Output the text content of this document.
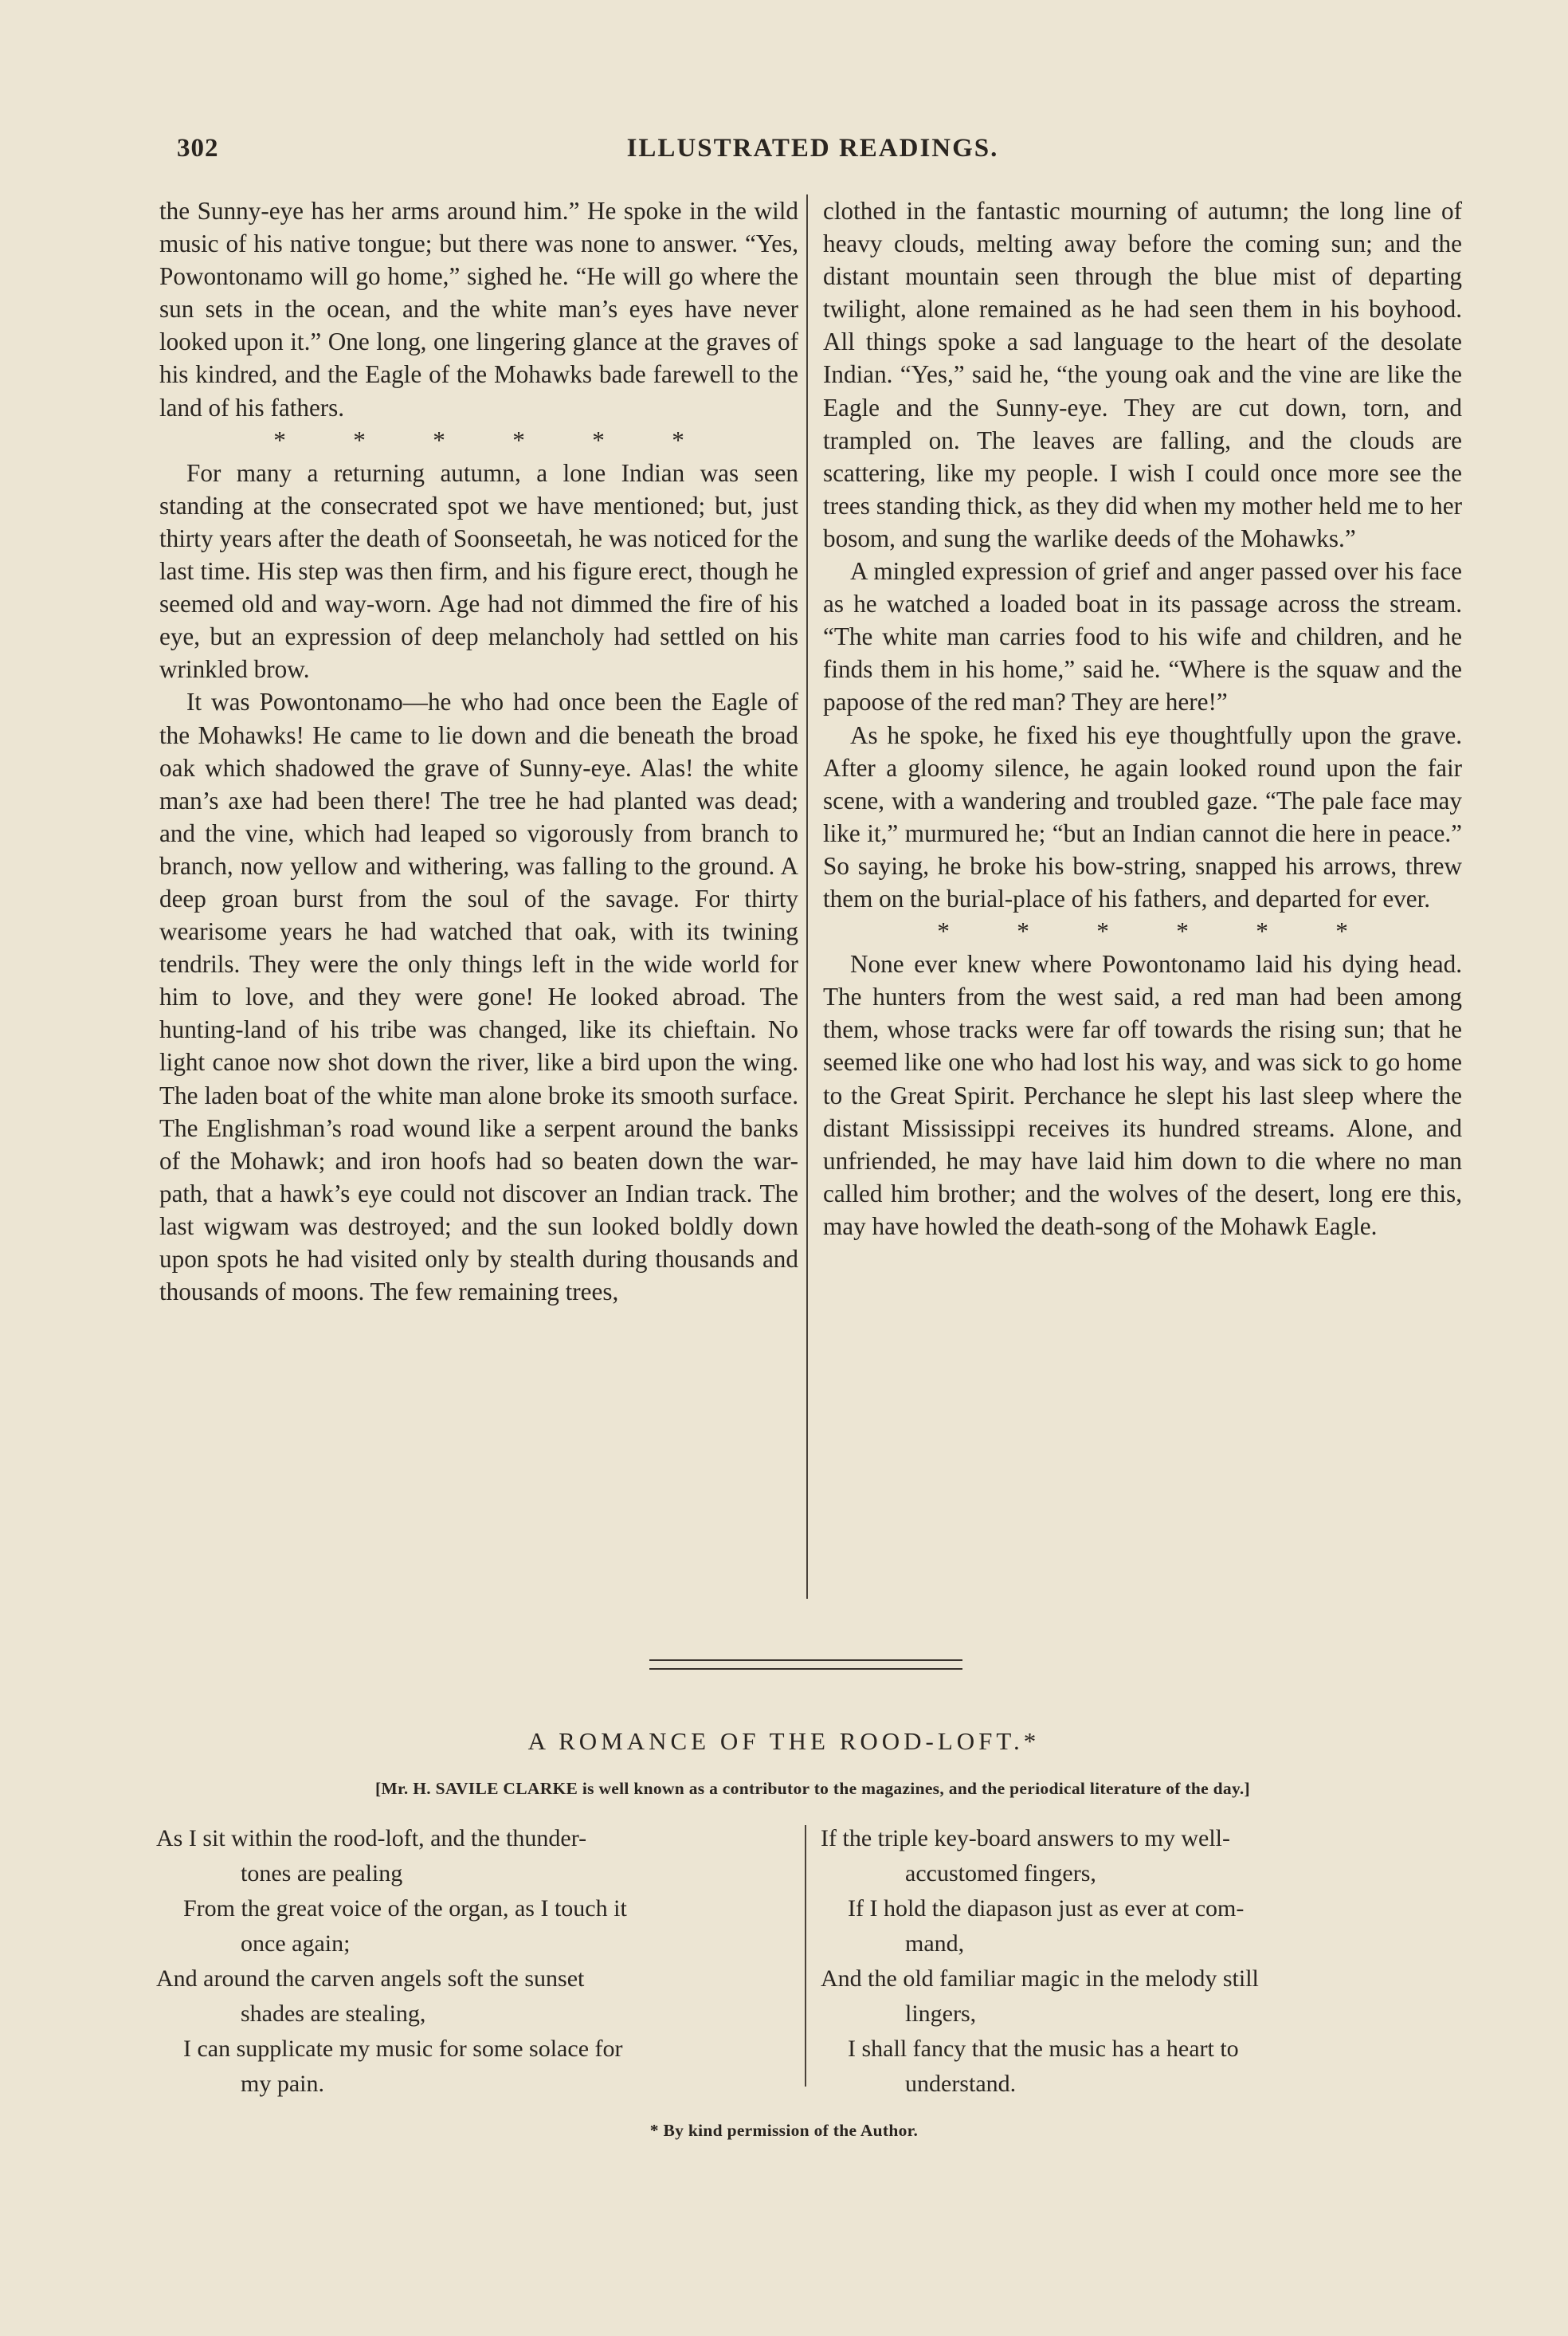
302	ILLUSTRATED READINGS.

the Sunny-eye has her arms around him.” He spoke in the wild music of his native tongue; but there was none to answer. “Yes, Powontonamo will go home,” sighed he. “He will go where the sun sets in the ocean, and the white man’s eyes have never looked upon it.” One long, one lingering glance at the graves of his kindred, and the Eagle of the Mohawks bade farewell to the land of his fathers.

*	*	*	*	*	*

For many a returning autumn, a lone Indian was seen standing at the consecrated spot we have mentioned; but, just thirty years after the death of Soonseetah, he was noticed for the last time. His step was then firm, and his figure erect, though he seemed old and way-worn. Age had not dimmed the fire of his eye, but an expression of deep melancholy had settled on his wrinkled brow.

It was Powontonamo—he who had once been the Eagle of the Mohawks! He came to lie down and die beneath the broad oak which shadowed the grave of Sunny-eye. Alas! the white man’s axe had been there! The tree he had planted was dead; and the vine, which had leaped so vigorously from branch to branch, now yellow and withering, was falling to the ground. A deep groan burst from the soul of the savage. For thirty wearisome years he had watched that oak, with its twining tendrils. They were the only things left in the wide world for him to love, and they were gone! He looked abroad. The hunting-land of his tribe was changed, like its chieftain. No light canoe now shot down the river, like a bird upon the wing. The laden boat of the white man alone broke its smooth surface. The Englishman’s road wound like a serpent around the banks of the Mohawk; and iron hoofs had so beaten down the war-path, that a hawk’s eye could not discover an Indian track. The last wigwam was destroyed; and the sun looked boldly down upon spots he had visited only by stealth during thousands and thousands of moons. The few remaining trees,

clothed in the fantastic mourning of autumn; the long line of heavy clouds, melting away before the coming sun; and the distant mountain seen through the blue mist of departing twilight, alone remained as he had seen them in his boyhood. All things spoke a sad language to the heart of the desolate Indian. “Yes,” said he, “the young oak and the vine are like the Eagle and the Sunny-eye. They are cut down, torn, and trampled on. The leaves are falling, and the clouds are scattering, like my people. I wish I could once more see the trees standing thick, as they did when my mother held me to her bosom, and sung the warlike deeds of the Mohawks.”

A mingled expression of grief and anger passed over his face as he watched a loaded boat in its passage across the stream. “The white man carries food to his wife and children, and he finds them in his home,” said he. “Where is the squaw and the papoose of the red man? They are here!”

As he spoke, he fixed his eye thoughtfully upon the grave. After a gloomy silence, he again looked round upon the fair scene, with a wandering and troubled gaze. “The pale face may like it,” murmured he; “but an Indian cannot die here in peace.” So saying, he broke his bow-string, snapped his arrows, threw them on the burial-place of his fathers, and departed for ever.

*	*	*	*	*	*

None ever knew where Powontonamo laid his dying head. The hunters from the west said, a red man had been among them, whose tracks were far off towards the rising sun; that he seemed like one who had lost his way, and was sick to go home to the Great Spirit. Perchance he slept his last sleep where the distant Mississippi receives its hundred streams. Alone, and unfriended, he may have laid him down to die where no man called him brother; and the wolves of the desert, long ere this, may have howled the death-song of the Mohawk Eagle.

A ROMANCE OF THE ROOD-LOFT.*
[Mr. H. SAVILE CLARKE is well known as a contributor to the magazines, and the periodical literature of the day.]

As I sit within the rood-loft, and the thunder-

tones are pealing

From the great voice of the organ, as I touch it

once again;

And around the carven angels soft the sunset

shades are stealing,

I can supplicate my music for some solace for

my pain.

If the triple key-board answers to my well-

accustomed fingers,

If I hold the diapason just as ever at com-

mand,

And the old familiar magic in the melody still

lingers,

I shall fancy that the music has a heart to

understand.

* By kind permission of the Author.
